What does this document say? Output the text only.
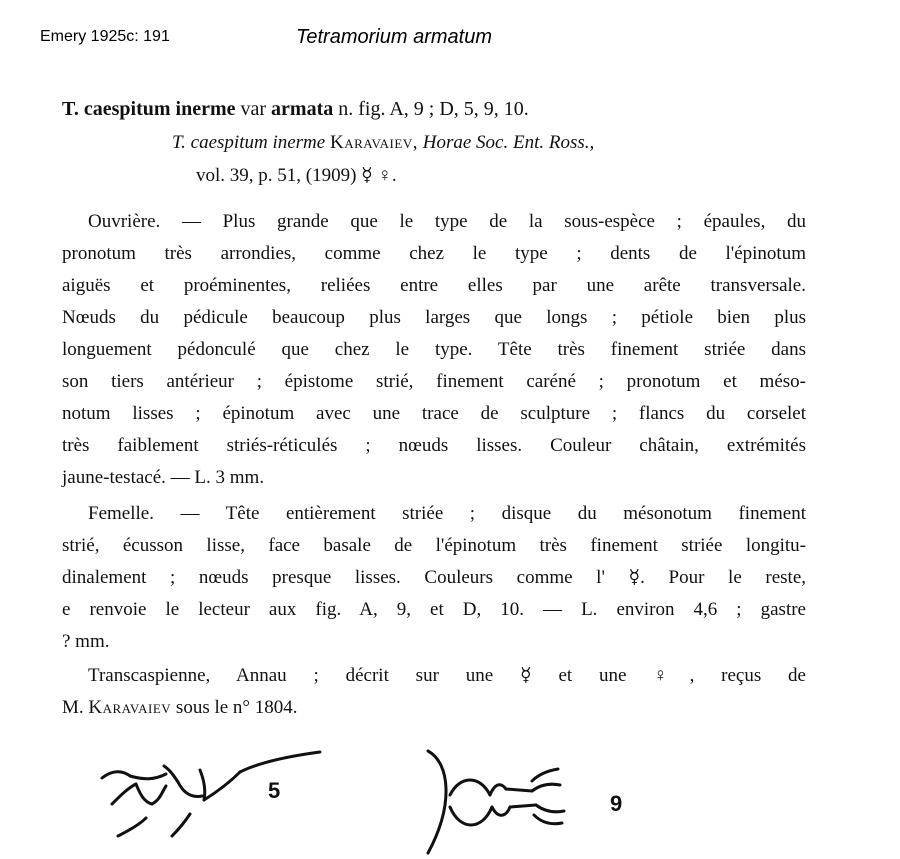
Emery 1925c: 191	Tetramorium armatum
T. caespitum inerme var armata n. fig. A, 9 ; D, 5, 9, 10.
T. caespitum inerme Karavaiev, Horae Soc. Ent. Ross.,
vol. 39, p. 51, (1909) ☿ ♀.
Ouvrière. — Plus grande que le type de la sous-espèce ; épaules, du
pronotum très arrondies, comme chez le type ; dents de l'épinotum
aiguës et proéminentes, reliées entre elles par une arête transversale.
Nœuds du pédicule beaucoup plus larges que longs ; pétiole bien plus
longuement pédonculé que chez le type. Tête très finement striée dans
son tiers antérieur ; épistome strié, finement caréné ; pronotum et méso-
notum lisses ; épinotum avec une trace de sculpture ; flancs du corselet
très faiblement striés-réticulés ; nœuds lisses. Couleur châtain, extrémités
jaune-testacé. — L. 3 mm.
Femelle. — Tête entièrement striée ; disque du mésonotum finement
strié, écusson lisse, face basale de l'épinotum très finement striée longitu-
dinalement ; nœuds presque lisses. Couleurs comme l' ☿. Pour le reste,
e renvoie le lecteur aux fig. A, 9, et D, 10. — L. environ 4,6 ; gastre
? mm.
Transcaspienne, Annau ; décrit sur une ☿ et une ♀, reçus de
M. Karavaiev sous le n° 1804.
5
9
